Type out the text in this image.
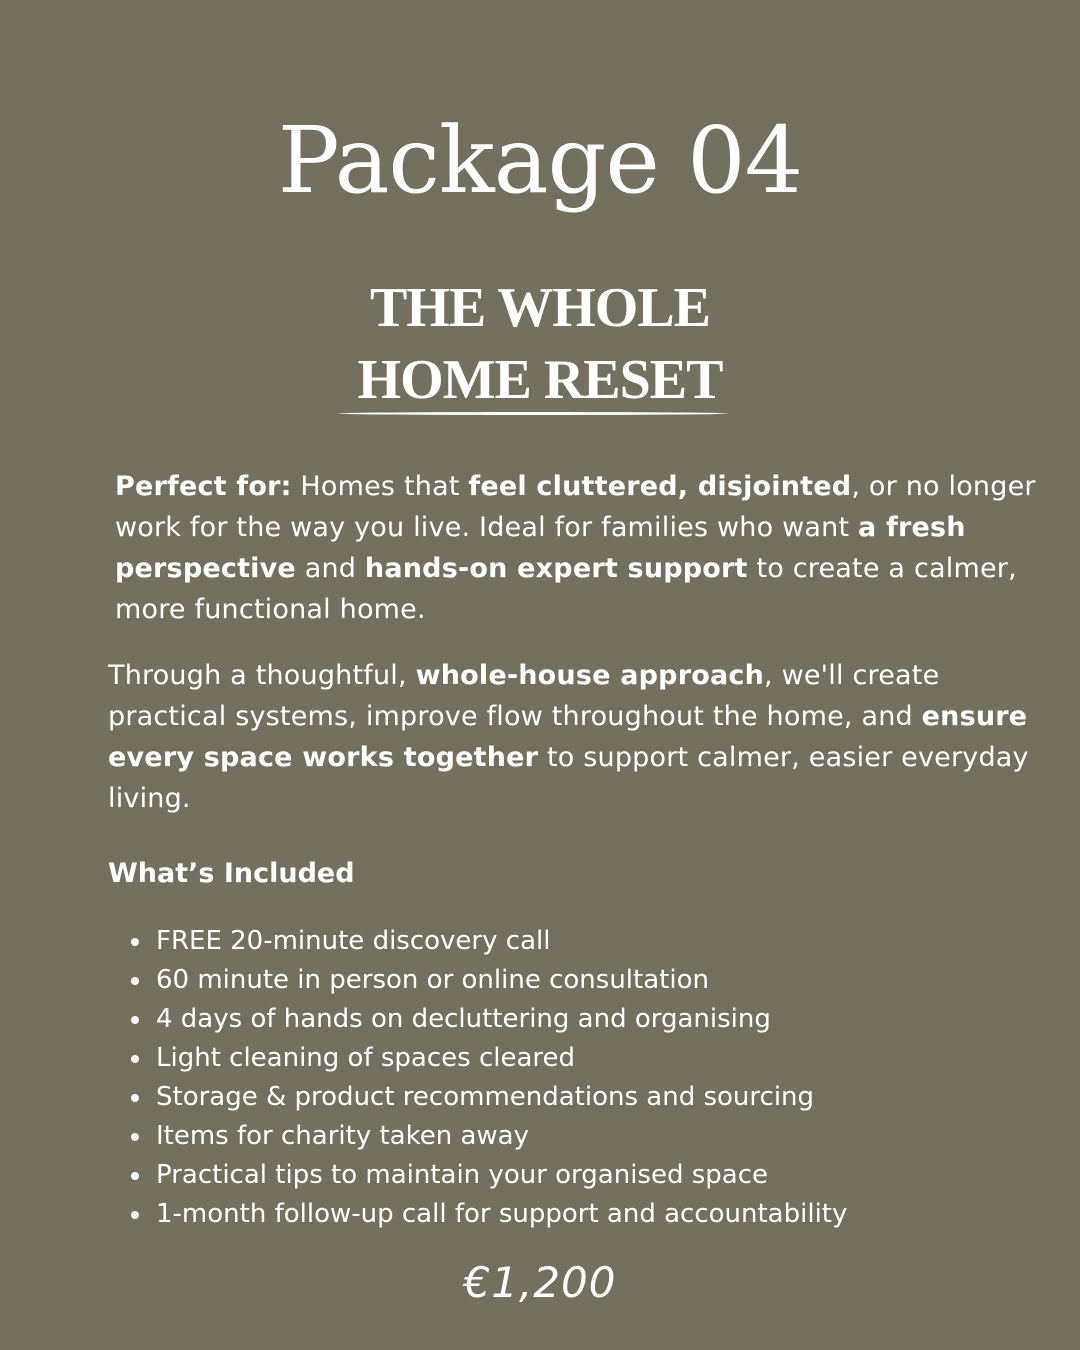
Package 04
THE WHOLE
HOME RESET

Perfect for: Homes that feel cluttered, disjointed, or no longer work for the way you live. Ideal for families who want a fresh perspective and hands-on expert support to create a calmer, more functional home.

Through a thoughtful, whole-house approach, we'll create practical systems, improve flow throughout the home, and ensure every space works together to support calmer, easier everyday living.

What’s Included
FREE 20-minute discovery call
60 minute in person or online consultation
4 days of hands on decluttering and organising
Light cleaning of spaces cleared
Storage & product recommendations and sourcing
Items for charity taken away
Practical tips to maintain your organised space
1-month follow-up call for support and accountability
€1,200
